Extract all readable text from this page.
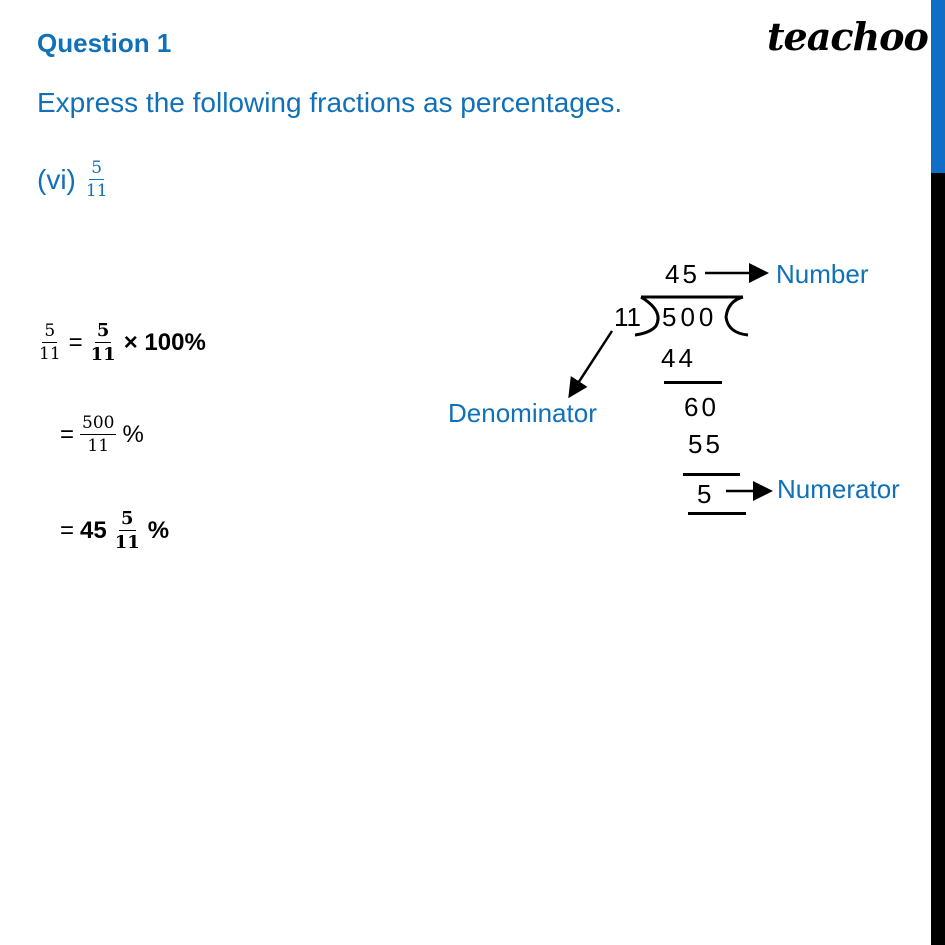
Question 1	teachoo
Express the following fractions as percentages.
$(vi) \frac{5}{11}$
$\frac{5}{11} = \frac{5}{11} \times 100\%$
= $\frac{500}{11}$ %
= $45 \frac{5}{11}$ %
45
11 500
44
60
55
5
Number
Denominator
Numerator
